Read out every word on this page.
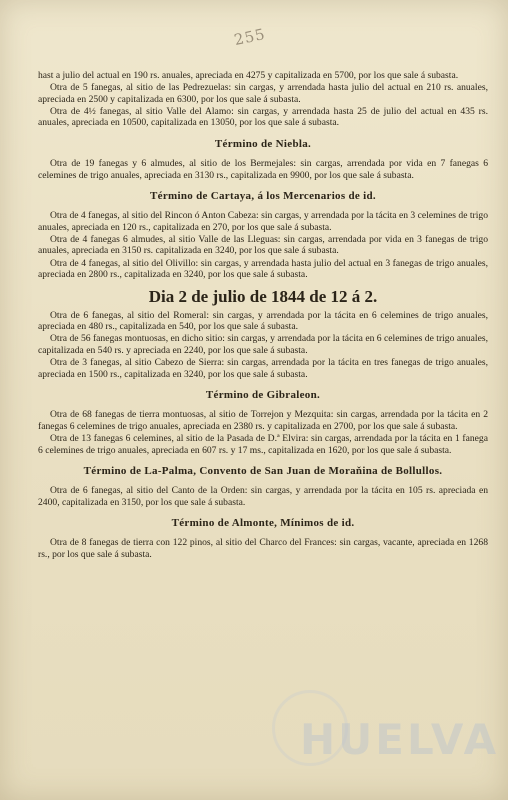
255

hast a julio del actual en 190 rs. anuales, apreciada en 4275 y capitalizada en 5700, por los que sale á subasta.

Otra de 5 fanegas, al sitio de las Pedrezuelas: sin cargas, y arrendada hasta julio del actual en 210 rs. anuales, apreciada en 2500 y capitalizada en 6300, por los que sale á subasta.

Otra de 4½ fanegas, al sitio Valle del Alamo: sin cargas, y arrendada hasta 25 de julio del actual en 435 rs. anuales, apreciada en 10500, capitalizada en 13050, por los que sale á subasta.

Término de Niebla.

Otra de 19 fanegas y 6 almudes, al sitio de los Bermejales: sin cargas, arrendada por vida en 7 fanegas 6 celemines de trigo anuales, apreciada en 3130 rs., capitalizada en 9900, por los que sale á subasta.

Término de Cartaya, á los Mercenarios de id.

Otra de 4 fanegas, al sitio del Rincon ó Anton Cabeza: sin cargas, y arrendada por la tácita en 3 celemines de trigo anuales, apreciada en 120 rs., capitalizada en 270, por los que sale á subasta.

Otra de 4 fanegas 6 almudes, al sitio Valle de las Lleguas: sin cargas, arrendada por vida en 3 fanegas de trigo anuales, apreciada en 3150 rs. capitalizada en 3240, por los que sale á subasta.

Otra de 4 fanegas, al sitio del Olivillo: sin cargas, y arrendada hasta julio del actual en 3 fanegas de trigo anuales, apreciada en 2800 rs., capitalizada en 3240, por los que sale á subasta.

Dia 2 de julio de 1844 de 12 á 2.

Otra de 6 fanegas, al sitio del Romeral: sin cargas, y arrendada por la tácita en 6 celemines de trigo anuales, apreciada en 480 rs., capitalizada en 540, por los que sale á subasta.

Otra de 56 fanegas montuosas, en dicho sitio: sin cargas, y arrendada por la tácita en 6 celemines de trigo anuales, capitalizada en 540 rs. y apreciada en 2240, por los que sale á subasta.

Otra de 3 fanegas, al sitio Cabezo de Sierra: sin cargas, arrendada por la tácita en tres fanegas de trigo anuales, apreciada en 1500 rs., capitalizada en 3240, por los que sale á subasta.

Término de Gibraleon.

Otra de 68 fanegas de tierra montuosas, al sitio de Torrejon y Mezquita: sin cargas, arrendada por la tácita en 2 fanegas 6 celemines de trigo anuales, apreciada en 2380 rs. y capitalizada en 2700, por los que sale á subasta.

Otra de 13 fanegas 6 celemines, al sitio de la Pasada de D.ª Elvira: sin cargas, arrendada por la tácita en 1 fanega 6 celemines de trigo anuales, apreciada en 607 rs. y 17 ms., capitalizada en 1620, por los que sale á subasta.

Término de La-Palma, Convento de San Juan de Moraňina de Bollullos.

Otra de 6 fanegas, al sitio del Canto de la Orden: sin cargas, y arrendada por la tácita en 105 rs. apreciada en 2400, capitalizada en 3150, por los que sale á subasta.

Término de Almonte, Mínimos de id.

Otra de 8 fanegas de tierra con 122 pinos, al sitio del Charco del Frances: sin cargas, vacante, apreciada en 1268 rs., por los que sale á subasta.

HUELVA
